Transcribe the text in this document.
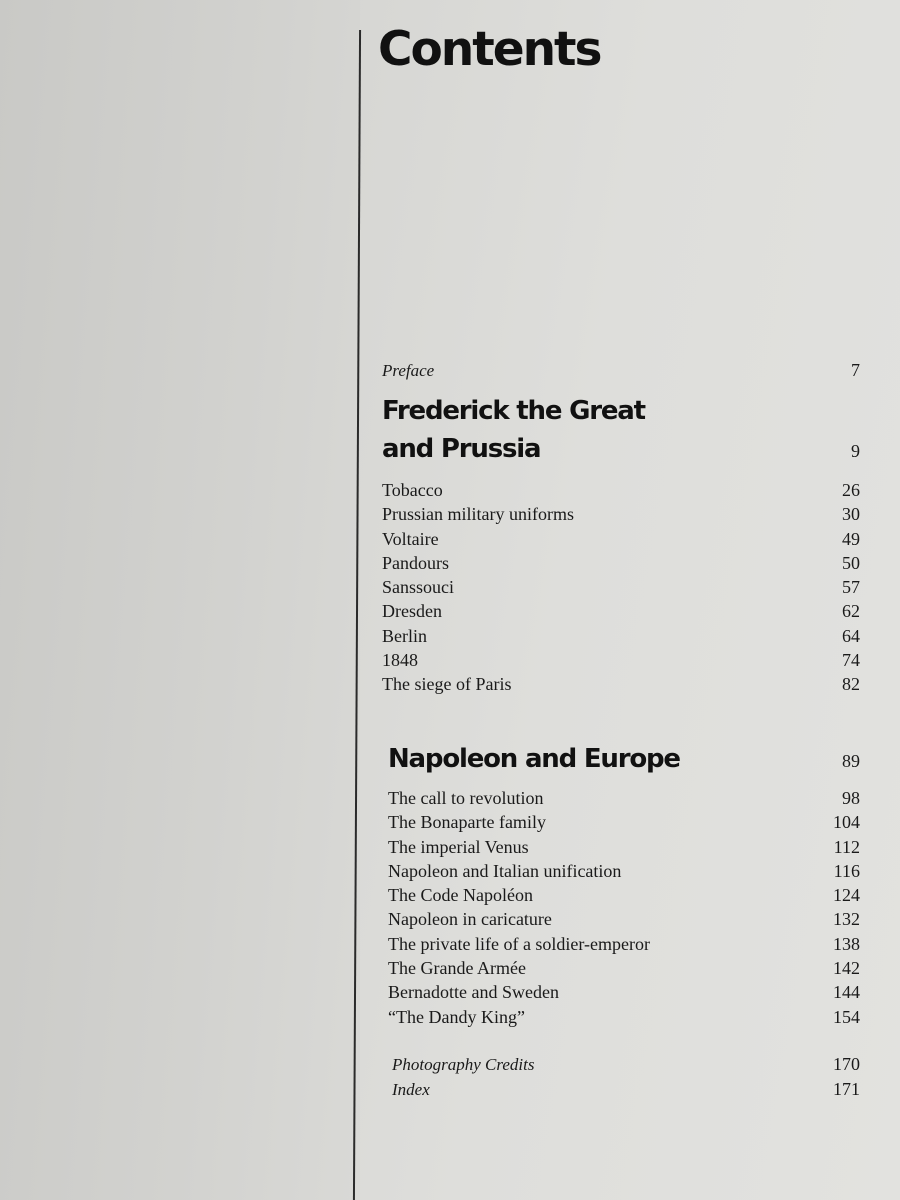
Contents
Preface	7
Frederick the Great
and Prussia	9
Tobacco	26
Prussian military uniforms	30
Voltaire	49
Pandours	50
Sanssouci	57
Dresden	62
Berlin	64
1848	74
The siege of Paris	82
Napoleon and Europe	89
The call to revolution	98
The Bonaparte family	104
The imperial Venus	112
Napoleon and Italian unification	116
The Code Napoléon	124
Napoleon in caricature	132
The private life of a soldier-emperor	138
The Grande Armée	142
Bernadotte and Sweden	144
“The Dandy King”	154
Photography Credits	170
Index	171
